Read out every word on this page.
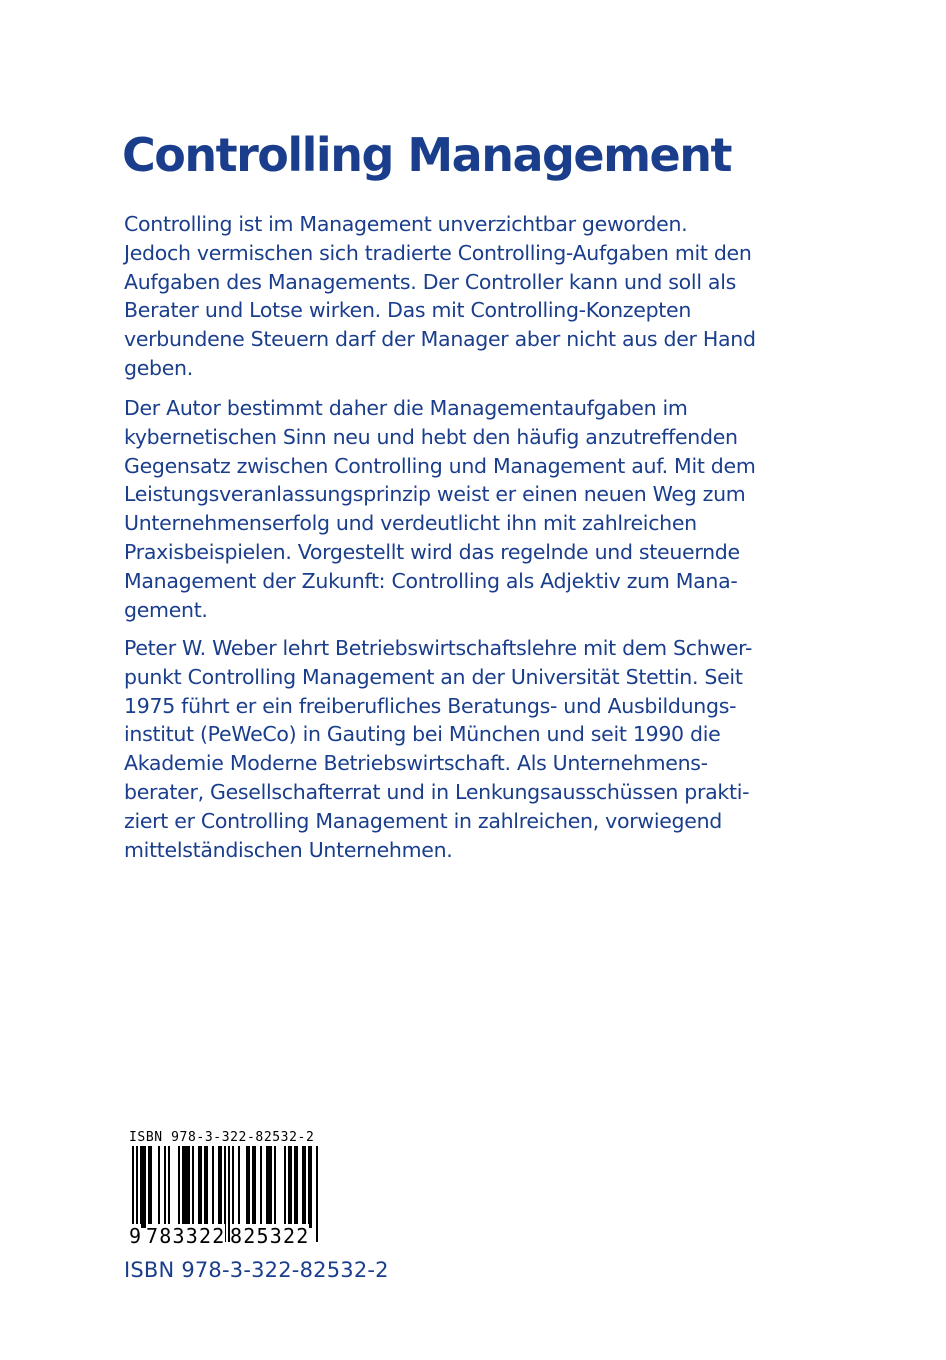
Controlling Management

Controlling ist im Management unverzichtbar geworden.
Jedoch vermischen sich tradierte Controlling-Aufgaben mit den
Aufgaben des Managements. Der Controller kann und soll als
Berater und Lotse wirken. Das mit Controlling-Konzepten
verbundene Steuern darf der Manager aber nicht aus der Hand
geben.

Der Autor bestimmt daher die Managementaufgaben im
kybernetischen Sinn neu und hebt den häufig anzutreffenden
Gegensatz zwischen Controlling und Management auf. Mit dem
Leistungsveranlassungsprinzip weist er einen neuen Weg zum
Unternehmenserfolg und verdeutlicht ihn mit zahlreichen
Praxisbeispielen. Vorgestellt wird das regelnde und steuernde
Management der Zukunft: Controlling als Adjektiv zum Mana-
gement.

Peter W. Weber lehrt Betriebswirtschaftslehre mit dem Schwer-
punkt Controlling Management an der Universität Stettin. Seit
1975 führt er ein freiberufliches Beratungs- und Ausbildungs-
institut (PeWeCo) in Gauting bei München und seit 1990 die
Akademie Moderne Betriebswirtschaft. Als Unternehmens-
berater, Gesellschafterrat und in Lenkungsausschüssen prakti-
ziert er Controlling Management in zahlreichen, vorwiegend
mittelständischen Unternehmen.

ISBN 978-3-322-82532-2
9 783322 825322
ISBN 978-3-322-82532-2
